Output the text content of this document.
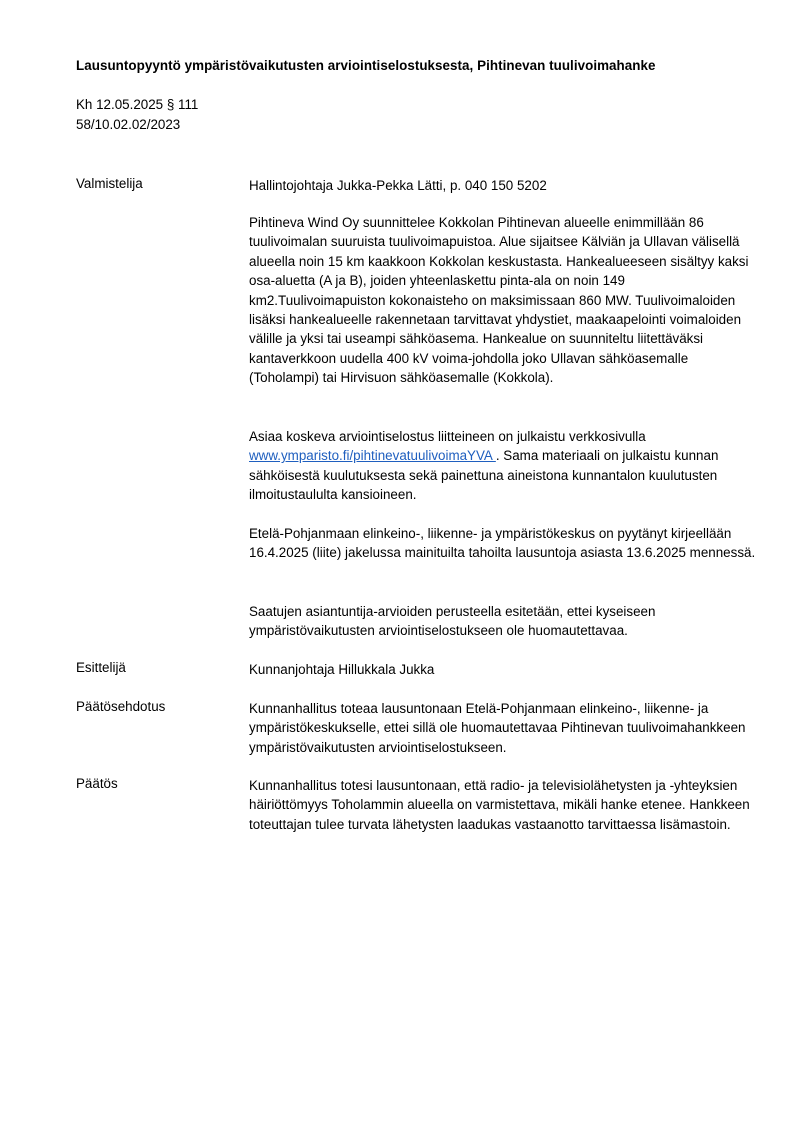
Lausuntopyyntö ympäristövaikutusten arviointiselostuksesta, Pihtinevan tuulivoimahanke
Kh 12.05.2025 § 111
58/10.02.02/2023
Valmistelija	Hallintojohtaja Jukka-Pekka Lätti, p. 040 150 5202

Pihtineva Wind Oy suunnittelee Kokkolan Pihtinevan alueelle enimmillään 86 tuulivoimalan suuruista tuulivoimapuistoa. Alue sijaitsee Kälviän ja Ullavan välisellä alueella noin 15 km kaakkoon Kokkolan keskustasta. Hankealueeseen sisältyy kaksi osa-aluetta (A ja B), joiden yhteenlaskettu pinta-ala on noin 149 km2.Tuulivoimapuiston kokonaisteho on maksimissaan 860 MW. Tuulivoimaloiden lisäksi hankealueelle rakennetaan tarvittavat yhdystiet, maakaapelointi voimaloiden välille ja yksi tai useampi sähköasema. Hankealue on suunniteltu liitettäväksi kantaverkkoon uudella 400 kV voima-johdolla joko Ullavan sähköasemalle (Toholampi) tai Hirvisuon sähköasemalle (Kokkola).

Asiaa koskeva arviointiselostus liitteineen on julkaistu verkkosivulla www.ymparisto.fi/pihtinevatuulivoimaYVA . Sama materiaali on julkaistu kunnan sähköisestä kuulutuksesta sekä painettuna aineistona kunnantalon kuulutusten ilmoitustaululta kansioineen.

Etelä-Pohjanmaan elinkeino-, liikenne- ja ympäristökeskus on pyytänyt kirjeellään 16.4.2025 (liite) jakelussa mainituilta tahoilta lausuntoja asiasta 13.6.2025 mennessä.

Saatujen asiantuntija-arvioiden perusteella esitetään, ettei kyseiseen ympäristövaikutusten arviointiselostukseen ole huomautettavaa.

Esittelijä	Kunnanjohtaja Hillukkala Jukka
Päätösehdotus	Kunnanhallitus toteaa lausuntonaan Etelä-Pohjanmaan elinkeino-, liikenne- ja ympäristökeskukselle, ettei sillä ole huomautettavaa Pihtinevan tuulivoimahankkeen ympäristövaikutusten arviointiselostukseen.
Päätös	Kunnanhallitus totesi lausuntonaan, että radio- ja televisiolähetysten ja -yhteyksien häiriöttömyys Toholammin alueella on varmistettava, mikäli hanke etenee. Hankkeen toteuttajan tulee turvata lähetysten laadukas vastaanotto tarvittaessa lisämastoin.
